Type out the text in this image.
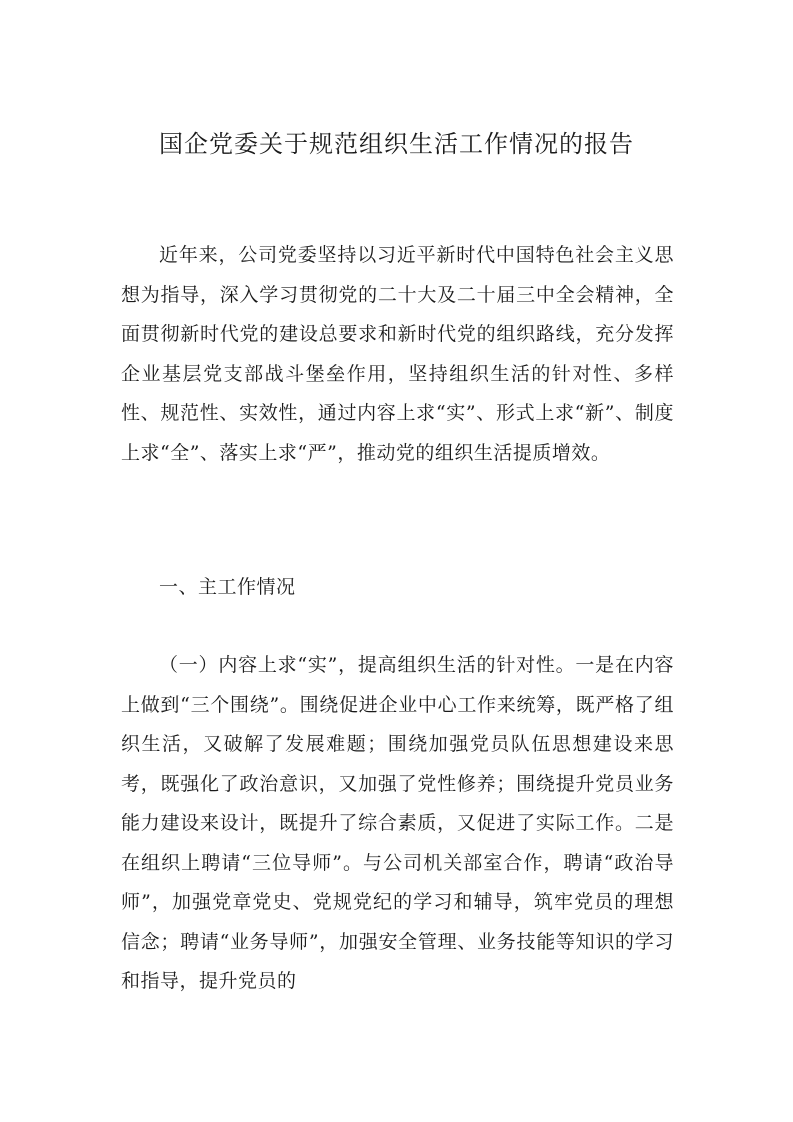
国企党委关于规范组织生活工作情况的报告

近年来，公司党委坚持以习近平新时代中国特色社会主义思想为指导，深入学习贯彻党的二十大及二十届三中全会精神，全面贯彻新时代党的建设总要求和新时代党的组织路线，充分发挥企业基层党支部战斗堡垒作用，坚持组织生活的针对性、多样性、规范性、实效性，通过内容上求“实”、形式上求“新”、制度上求“全”、落实上求“严”，推动党的组织生活提质增效。

一、主工作情况

（一）内容上求“实”，提高组织生活的针对性。一是在内容上做到“三个围绕”。围绕促进企业中心工作来统筹，既严格了组织生活，又破解了发展难题；围绕加强党员队伍思想建设来思考，既强化了政治意识，又加强了党性修养；围绕提升党员业务能力建设来设计，既提升了综合素质，又促进了实际工作。二是在组织上聘请“三位导师”。与公司机关部室合作，聘请“政治导师”，加强党章党史、党规党纪的学习和辅导，筑牢党员的理想信念；聘请“业务导师”，加强安全管理、业务技能等知识的学习和指导，提升党员的
